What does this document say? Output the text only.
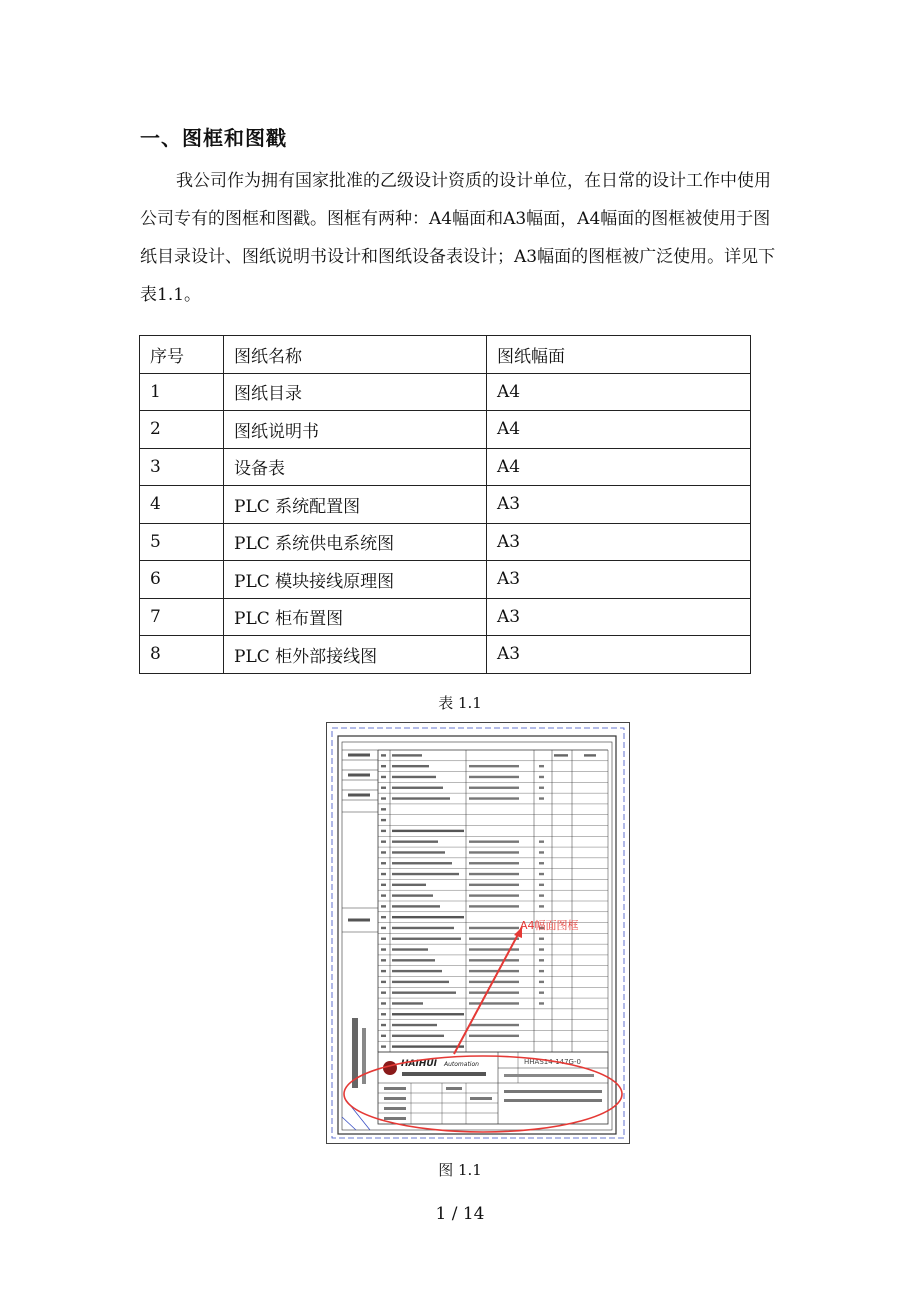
一、图框和图戳

我公司作为拥有国家批准的乙级设计资质的设计单位，在日常的设计工作中使用公司专有的图框和图戳。图框有两种：A4幅面和A3幅面，A4幅面的图框被使用于图纸目录设计、图纸说明书设计和图纸设备表设计；A3幅面的图框被广泛使用。详见下表1.1。

序号	图纸名称	图纸幅面
1	图纸目录	A4
2	图纸说明书	A4
3	设备表	A4
4	PLC 系统配置图	A3
5	PLC 系统供电系统图	A3
6	PLC 模块接线原理图	A3
7	PLC 柜布置图	A3
8	PLC 柜外部接线图	A3
表 1.1
HAIHUI Automation	HHAS14-147G-0
A4幅面图框
图 1.1
1 / 14
